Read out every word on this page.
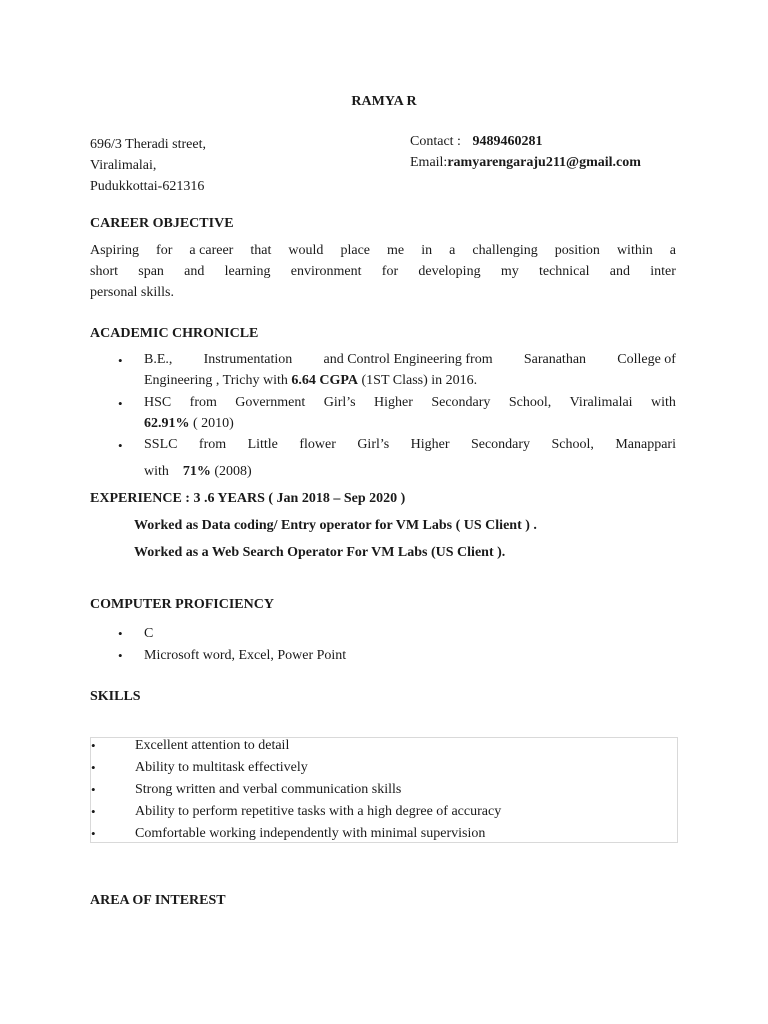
RAMYA R
696/3 Theradi street,
Viralimalai,
Pudukkottai-621316
Contact : 9489460281
Email:ramyarengaraju211@gmail.com
CAREER OBJECTIVE
Aspiring for a career that would place me in a challenging position within a
short span and learning environment for developing my technical and inter
personal skills.
ACADEMIC CHRONICLE
• B.E., Instrumentation and Control Engineering from Saranathan College of
Engineering , Trichy with 6.64 CGPA (1ST Class) in 2016.
• HSC from Government Girl’s Higher Secondary School, Viralimalai with
62.91% ( 2010)
• SSLC from Little flower Girl’s Higher Secondary School, Manappari
with    71% (2008)
EXPERIENCE : 3 .6 YEARS ( Jan 2018 – Sep 2020 )
Worked as Data coding/ Entry operator for VM Labs ( US Client ) .
Worked as a Web Search Operator For VM Labs (US Client ).
COMPUTER PROFICIENCY
• C
• Microsoft word, Excel, Power Point
SKILLS
•	Excellent attention to detail
•	Ability to multitask effectively
•	Strong written and verbal communication skills
•	Ability to perform repetitive tasks with a high degree of accuracy
•	Comfortable working independently with minimal supervision
AREA OF INTEREST
